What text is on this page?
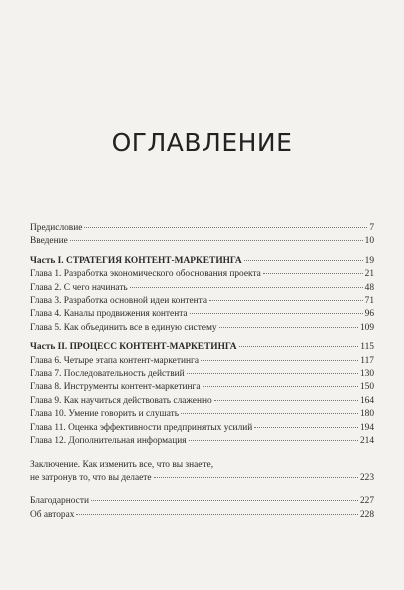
ОГЛАВЛЕНИЕ
Предисловие	7
Введение	10
Часть I. СТРАТЕГИЯ КОНТЕНТ-МАРКЕТИНГА	19
Глава 1. Разработка экономического обоснования проекта	21
Глава 2. С чего начинать	48
Глава 3. Разработка основной идеи контента	71
Глава 4. Каналы продвижения контента	96
Глава 5. Как объединить все в единую систему	109
Часть II. ПРОЦЕСС КОНТЕНТ-МАРКЕТИНГА	115
Глава 6. Четыре этапа контент-маркетинга	117
Глава 7. Последовательность действий	130
Глава 8. Инструменты контент-маркетинга	150
Глава 9. Как научиться действовать слаженно	164
Глава 10. Умение говорить и слушать	180
Глава 11. Оценка эффективности предпринятых усилий	194
Глава 12. Дополнительная информация	214
Заключение. Как изменить все, что вы знаете,
не затронув то, что вы делаете	223
Благодарности	227
Об авторах	228
